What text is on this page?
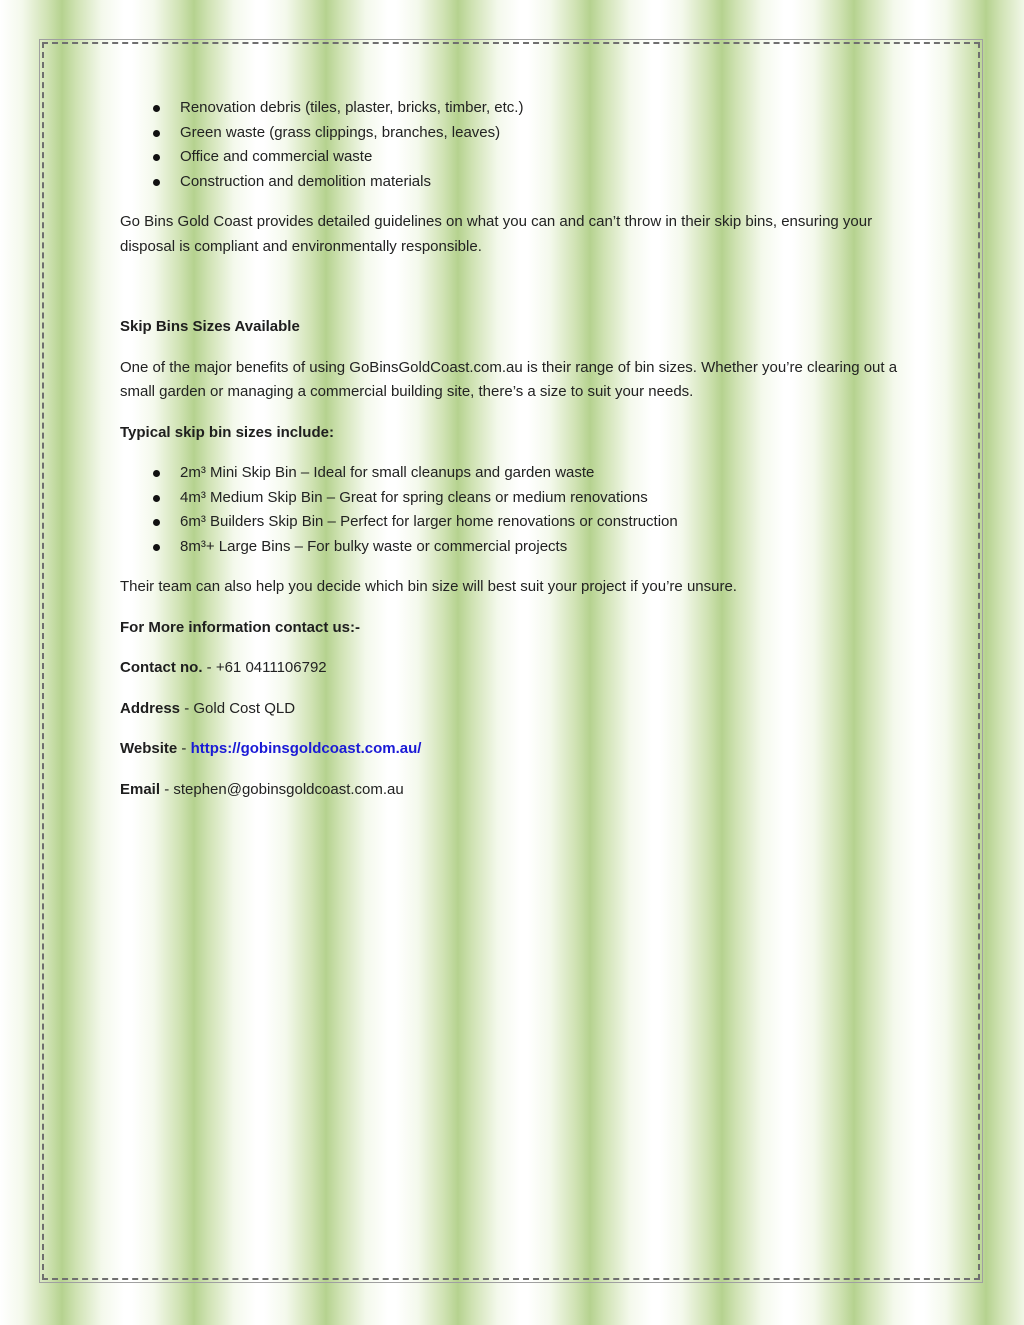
Renovation debris (tiles, plaster, bricks, timber, etc.)
Green waste (grass clippings, branches, leaves)
Office and commercial waste
Construction and demolition materials

Go Bins Gold Coast provides detailed guidelines on what you can and can’t throw in their skip bins, ensuring your disposal is compliant and environmentally responsible.

Skip Bins Sizes Available

One of the major benefits of using GoBinsGoldCoast.com.au is their range of bin sizes. Whether you’re clearing out a small garden or managing a commercial building site, there’s a size to suit your needs.

Typical skip bin sizes include:

2m³ Mini Skip Bin – Ideal for small cleanups and garden waste
4m³ Medium Skip Bin – Great for spring cleans or medium renovations
6m³ Builders Skip Bin – Perfect for larger home renovations or construction
8m³+ Large Bins – For bulky waste or commercial projects

Their team can also help you decide which bin size will best suit your project if you’re unsure.

For More information contact us:-

Contact no. - +61 0411106792

Address - Gold Cost QLD

Website - https://gobinsgoldcoast.com.au/

Email - stephen@gobinsgoldcoast.com.au
